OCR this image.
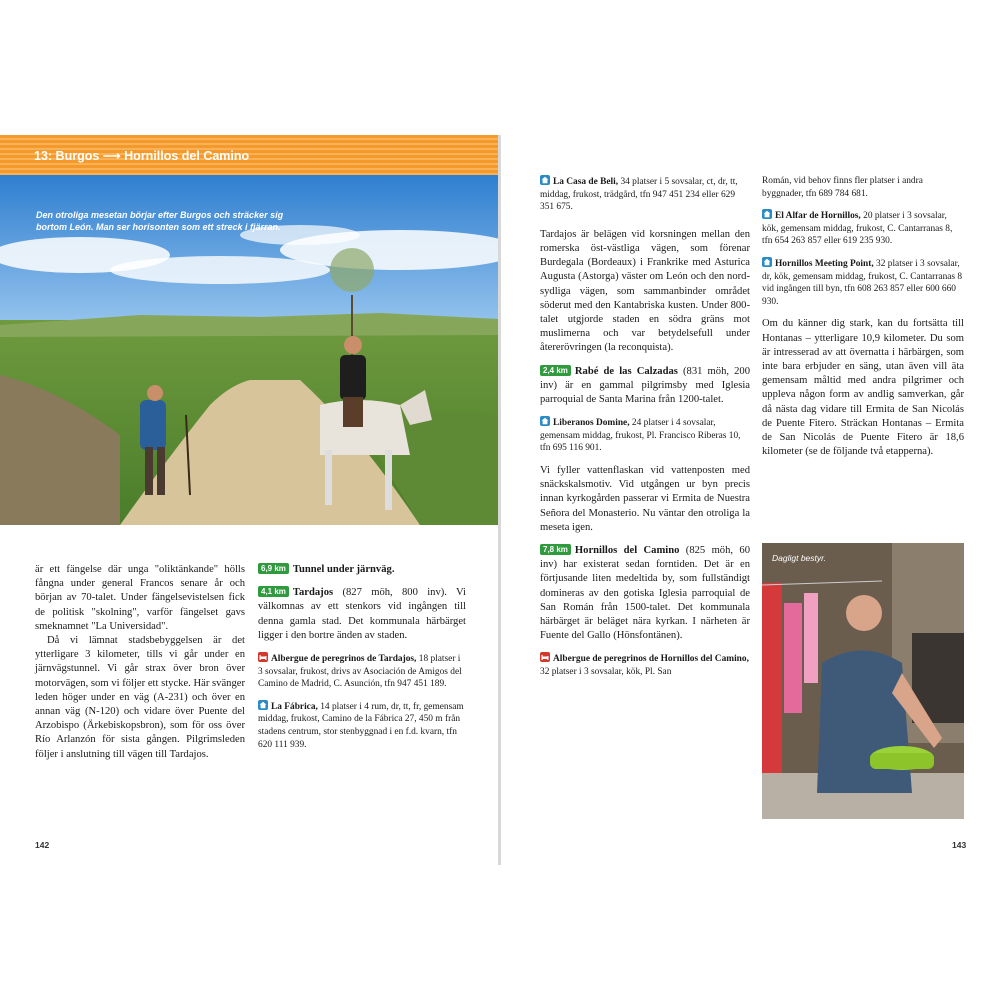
13: Burgos ⟶ Hornillos del Camino
Den otroliga mesetan börjar efter Burgos och sträcker sig bortom León. Man ser horisonten som ett streck i fjärran.

är ett fängelse där unga "oliktänkande" hölls fångna under general Francos senare år och början av 70-talet. Under fängelsevistelsen fick de politisk "skolning", varför fängelset gavs smeknamnet "La Universidad".

Då vi lämnat stadsbebyggelsen är det ytterligare 3 kilometer, tills vi går under en järnvägstunnel. Vi går strax över bron över motorvägen, som vi följer ett stycke. Här svänger leden höger under en väg (A-231) och över en annan väg (N-120) och vidare över Puente del Arzobispo (Ärkebiskopsbron), som för oss över Río Arlanzón för sista gången. Pilgrimsleden följer i anslutning till vägen till Tardajos.

6,9 km Tunnel under järnväg.

4,1 km Tardajos (827 möh, 800 inv). Vi välkomnas av ett stenkors vid ingången till denna gamla stad. Det kommunala härbärget ligger i den bortre änden av staden.

Albergue de peregrinos de Tardajos, 18 platser i 3 sovsalar, frukost, drivs av Asociación de Amigos del Camino de Madrid, C. Asunción, tfn 947 451 189.

La Fábrica, 14 platser i 4 rum, dr, tt, fr, gemensam middag, frukost, Camino de la Fábrica 27, 450 m från stadens centrum, stor stenbyggnad i en f.d. kvarn, tfn 620 111 939.

142

La Casa de Beli, 34 platser i 5 sovsalar, ct, dr, tt, middag, frukost, trädgård, tfn 947 451 234 eller 629 351 675.

Tardajos är belägen vid korsningen mellan den romerska öst-västliga vägen, som förenar Burdegala (Bordeaux) i Frankrike med Asturica Augusta (Astorga) väster om León och den nord-sydliga vägen, som sammanbinder området söderut med den Kantabriska kusten. Under 800-talet utgjorde staden en södra gräns mot muslimerna och var betydelsefull under återerövringen (la reconquista).

2,4 km Rabé de las Calzadas (831 möh, 200 inv) är en gammal pilgrimsby med Iglesia parroquial de Santa Marina från 1200-talet.

Liberanos Domine, 24 platser i 4 sovsalar, gemensam middag, frukost, Pl. Francisco Riberas 10, tfn 695 116 901.

Vi fyller vattenflaskan vid vattenposten med snäckskalsmotiv. Vid utgången ur byn precis innan kyrkogården passerar vi Ermita de Nuestra Señora del Monasterio. Nu väntar den otroliga la meseta igen.

7,8 km Hornillos del Camino (825 möh, 60 inv) har existerat sedan forntiden. Det är en förtjusande liten medeltida by, som fullständigt domineras av den gotiska Iglesia parroquial de San Román från 1500-talet. Det kommunala härbärget är beläget nära kyrkan. I närheten är Fuente del Gallo (Hönsfontänen).

Albergue de peregrinos de Hornillos del Camino, 32 platser i 3 sovsalar, kök, Pl. San

Román, vid behov finns fler platser i andra byggnader, tfn 689 784 681.

El Alfar de Hornillos, 20 platser i 3 sovsalar, kök, gemensam middag, frukost, C. Cantarranas 8, tfn 654 263 857 eller 619 235 930.

Hornillos Meeting Point, 32 platser i 3 sovsalar, dr, kök, gemensam middag, frukost, C. Cantarranas 8 vid ingången till byn, tfn 608 263 857 eller 600 660 930.

Om du känner dig stark, kan du fortsätta till Hontanas – ytterligare 10,9 kilometer. Du som är intresserad av att övernatta i härbärgen, som inte bara erbjuder en säng, utan även vill äta gemensam måltid med andra pilgrimer och uppleva någon form av andlig samverkan, går då nästa dag vidare till Ermita de San Nicolás de Puente Fitero. Sträckan Hontanas – Ermita de San Nicolás de Puente Fitero är 18,6 kilometer (se de följande två etapperna).

Dagligt bestyr.
143
